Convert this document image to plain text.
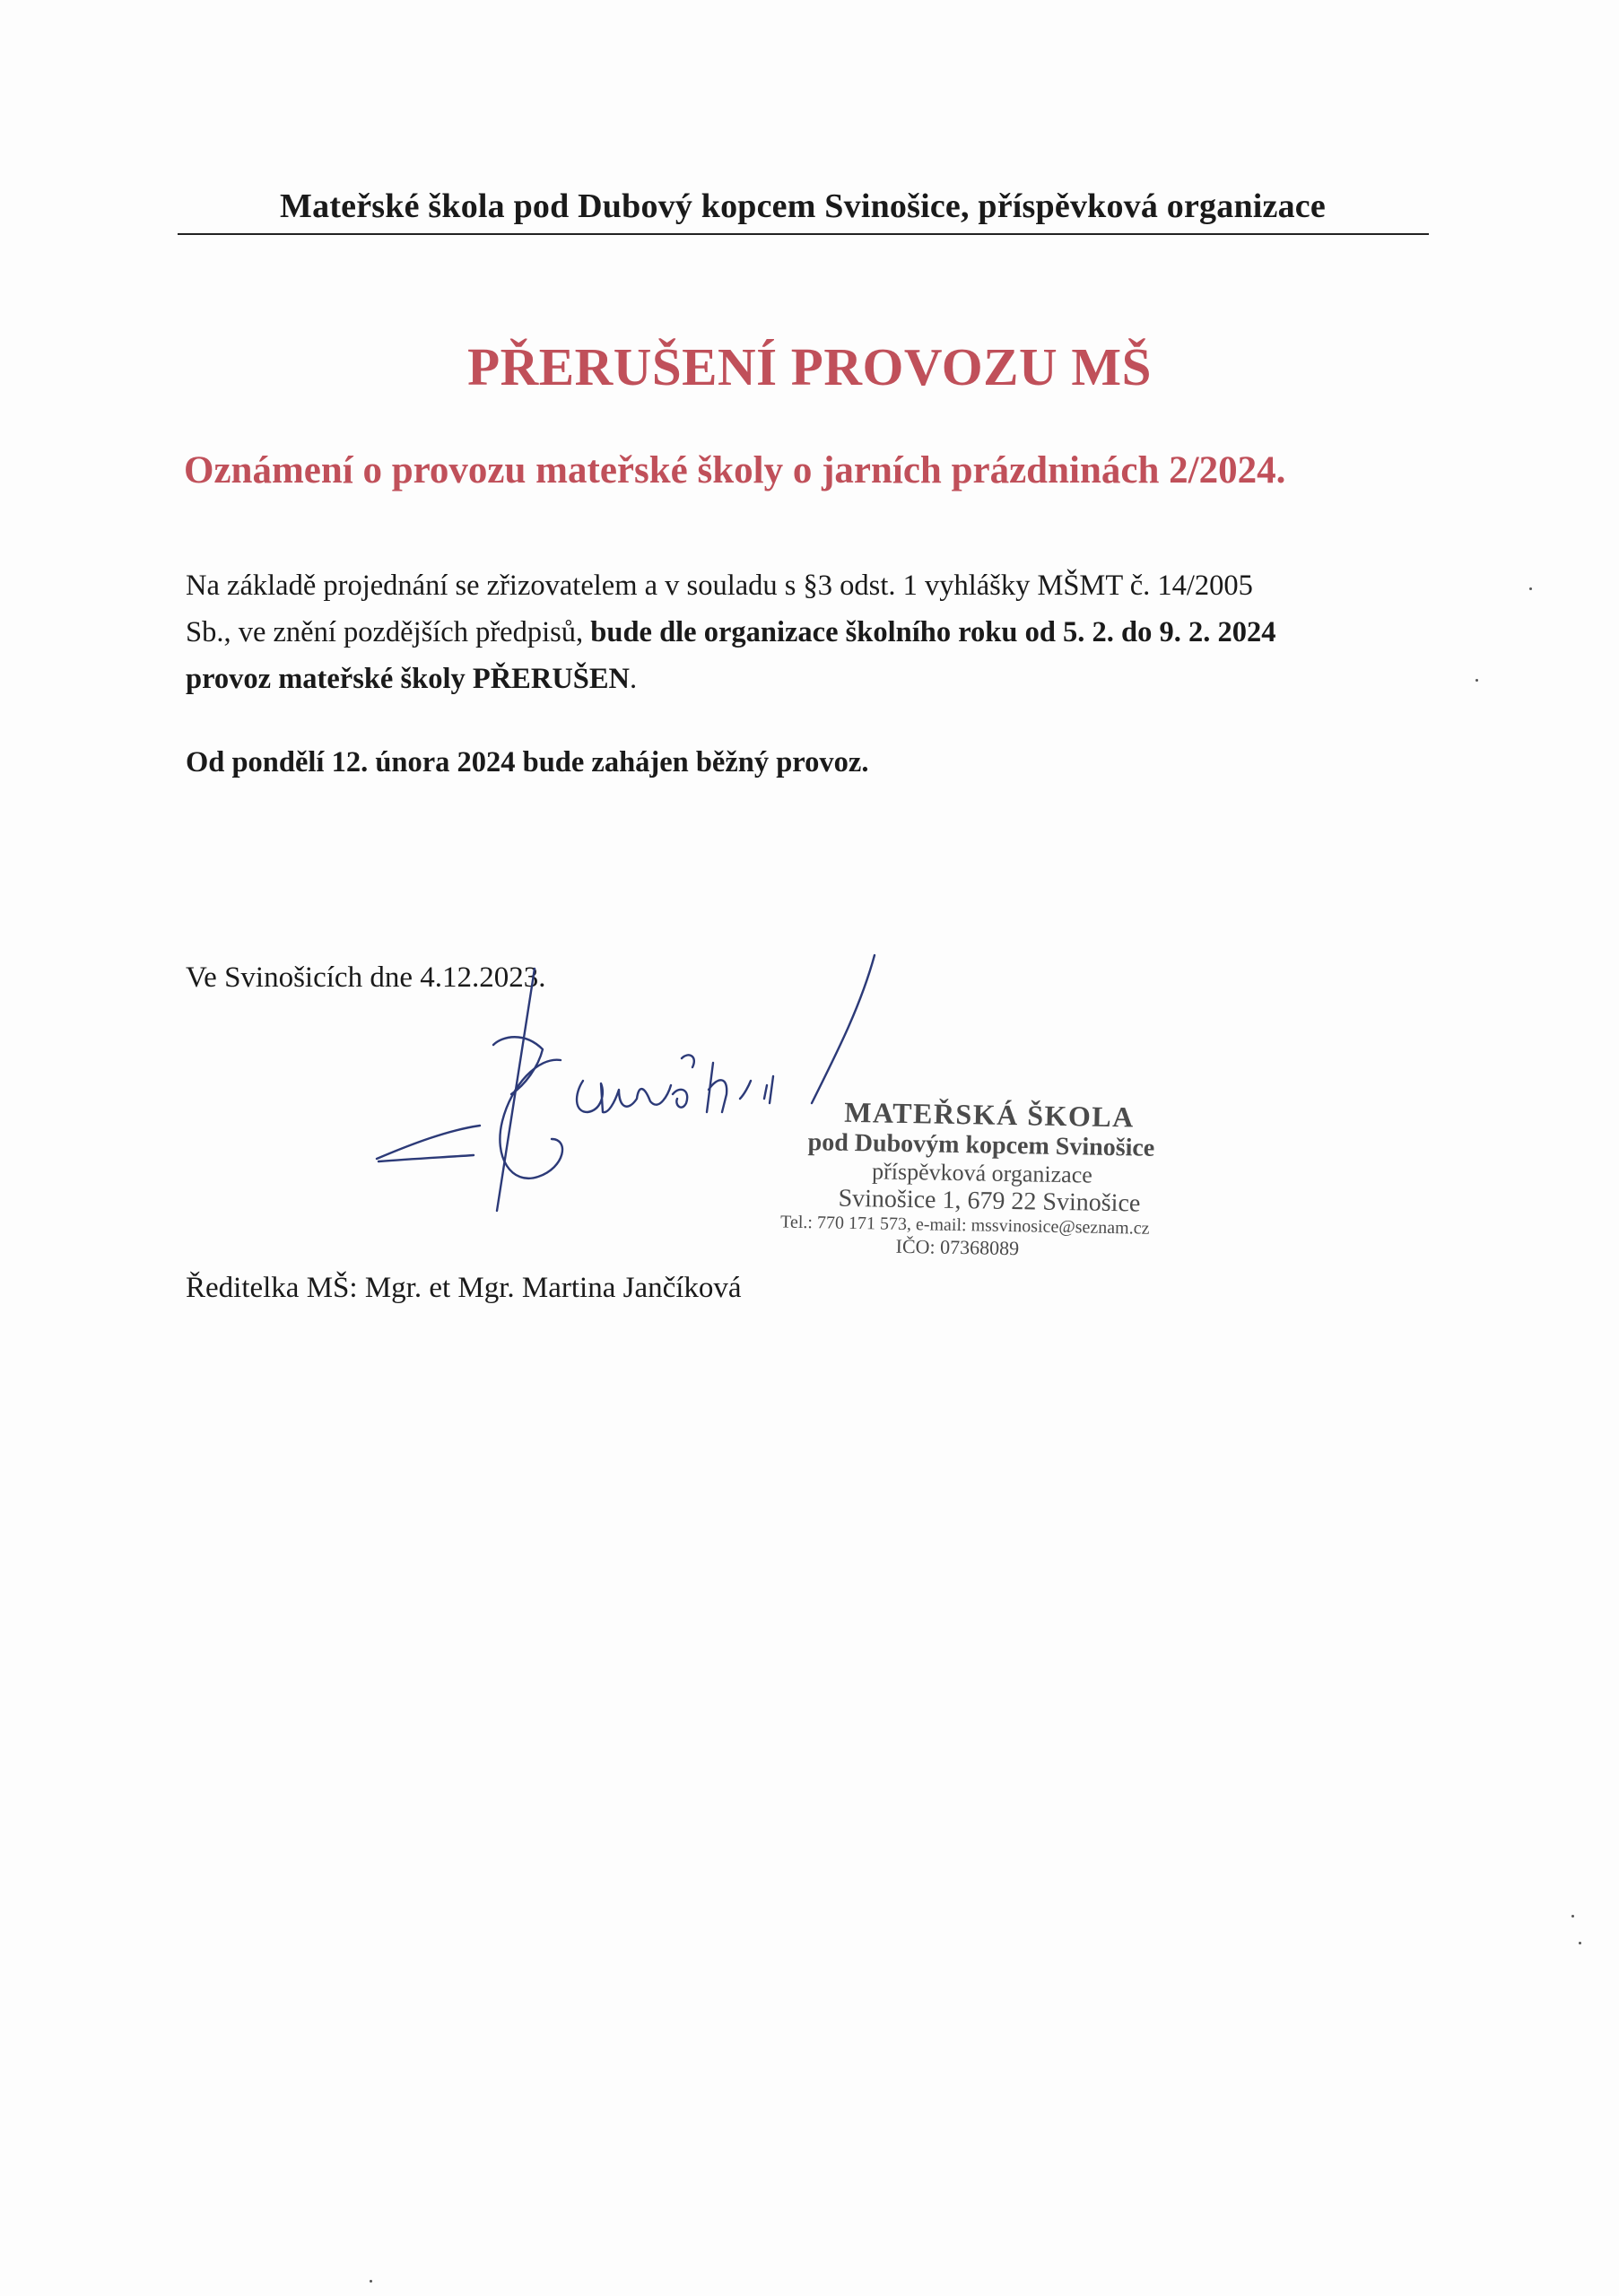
Mateřské škola pod Dubový kopcem Svinošice, příspěvková organizace
PŘERUŠENÍ PROVOZU MŠ
Oznámení o provozu mateřské školy o jarních prázdninách 2/2024.

Na základě projednání se zřizovatelem a v souladu s §3 odst. 1 vyhlášky MŠMT č. 14/2005

Sb., ve znění pozdějších předpisů, bude dle organizace školního roku od 5. 2. do 9. 2. 2024

provoz mateřské školy PŘERUŠEN.

Od pondělí 12. února 2024 bude zahájen běžný provoz.
Ve Svinošicích dne 4.12.2023.
MATEŘSKÁ ŠKOLA
pod Dubovým kopcem Svinošice
příspěvková organizace
Svinošice 1, 679 22 Svinošice
Tel.: 770 171 573, e-mail: mssvinosice@seznam.cz
IČO: 07368089
Ředitelka MŠ: Mgr. et Mgr. Martina Jančíková
